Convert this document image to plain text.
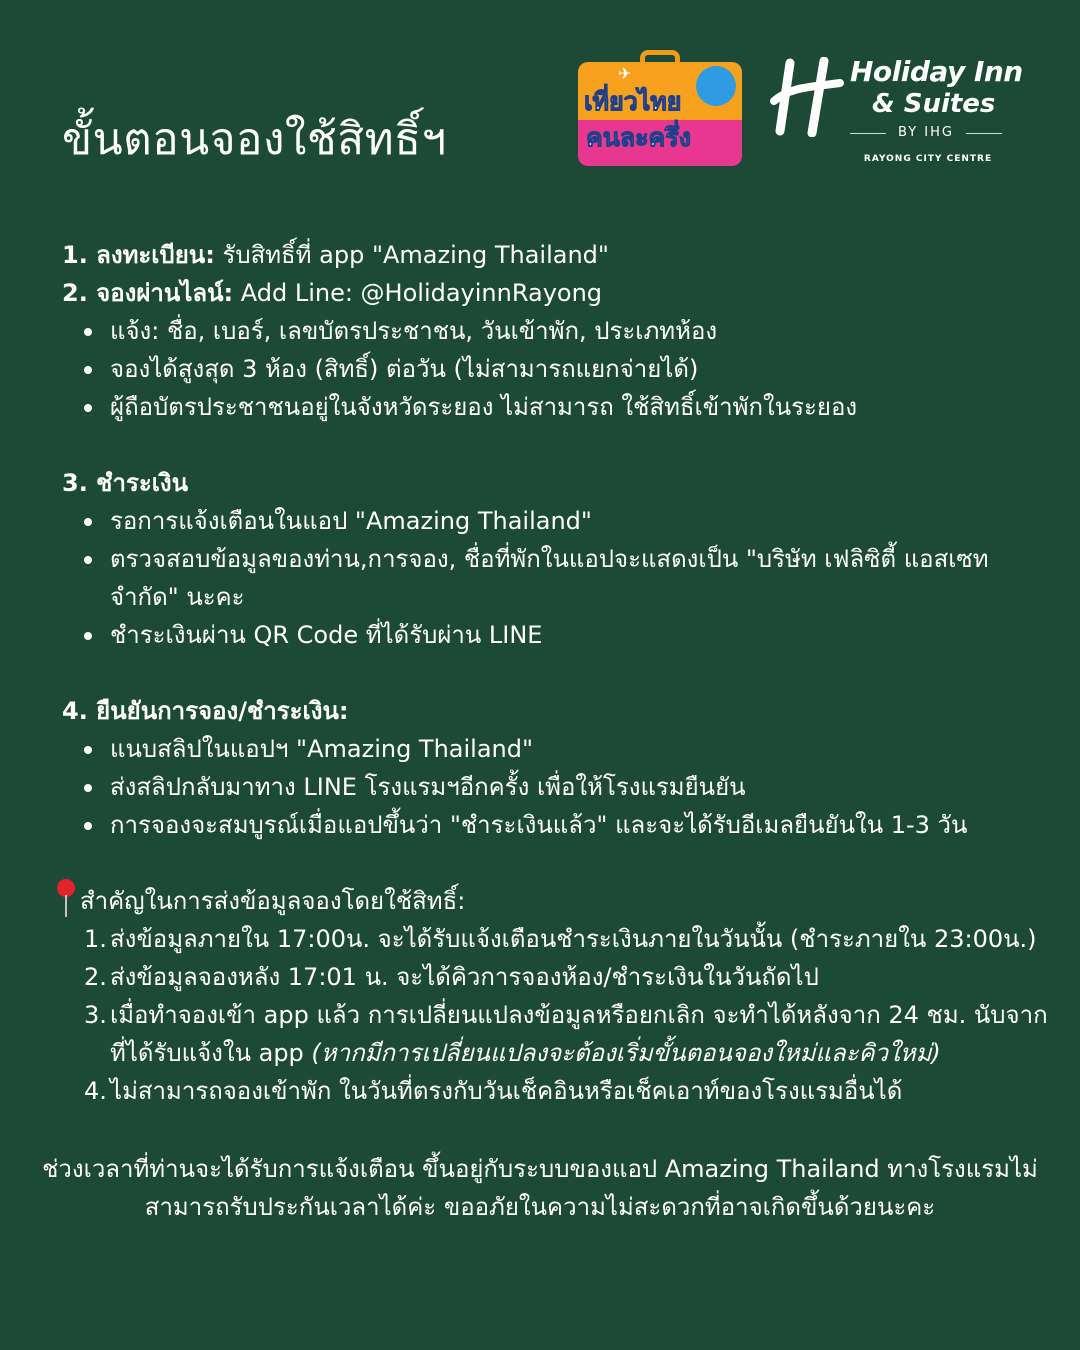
ขั้นตอนจองใช้สิทธิ์ฯ
✈
เที่ยวไทย
คนละครึ่ง
Holiday Inn
& Suites
BY IHG
RAYONG CITY CENTRE
1. ลงทะเบียน: รับสิทธิ์ที่ app "Amazing Thailand"
2. จองผ่านไลน์: Add Line: @HolidayinnRayong
แจ้ง: ชื่อ, เบอร์, เลขบัตรประชาชน, วันเข้าพัก, ประเภทห้อง
จองได้สูงสุด 3 ห้อง (สิทธิ์) ต่อวัน (ไม่สามารถแยกจ่ายได้)
ผู้ถือบัตรประชาชนอยู่ในจังหวัดระยอง ไม่สามารถ ใช้สิทธิ์เข้าพักในระยอง
3. ชำระเงิน
รอการแจ้งเตือนในแอป "Amazing Thailand"
ตรวจสอบข้อมูลของท่าน,การจอง, ชื่อที่พักในแอปจะแสดงเป็น "บริษัท เฟลิซิตี้ แอสเซท จำกัด" นะคะ
ชำระเงินผ่าน QR Code ที่ได้รับผ่าน LINE
4. ยืนยันการจอง/ชำระเงิน:
แนบสลิปในแอปฯ "Amazing Thailand"
ส่งสลิปกลับมาทาง LINE โรงแรมฯอีกครั้ง เพื่อให้โรงแรมยืนยัน
การจองจะสมบูรณ์เมื่อแอปขึ้นว่า "ชำระเงินแล้ว" และจะได้รับอีเมลยืนยันใน 1-3 วัน
สำคัญในการส่งข้อมูลจองโดยใช้สิทธิ์:
1. ส่งข้อมูลภายใน 17:00น. จะได้รับแจ้งเตือนชำระเงินภายในวันนั้น (ชำระภายใน 23:00น.)
2. ส่งข้อมูลจองหลัง 17:01 น. จะได้คิวการจองห้อง/ชำระเงินในวันถัดไป
3. เมื่อทำจองเข้า app แล้ว การเปลี่ยนแปลงข้อมูลหรือยกเลิก จะทำได้หลังจาก 24 ชม. นับจากที่ได้รับแจ้งใน app (หากมีการเปลี่ยนแปลงจะต้องเริ่มขั้นตอนจองใหม่และคิวใหม่)
4. ไม่สามารถจองเข้าพัก ในวันที่ตรงกับวันเช็คอินหรือเช็คเอาท์ของโรงแรมอื่นได้
ช่วงเวลาที่ท่านจะได้รับการแจ้งเตือน ขึ้นอยู่กับระบบของแอป Amazing Thailand ทางโรงแรมไม่สามารถรับประกันเวลาได้ค่ะ ขออภัยในความไม่สะดวกที่อาจเกิดขึ้นด้วยนะคะ
